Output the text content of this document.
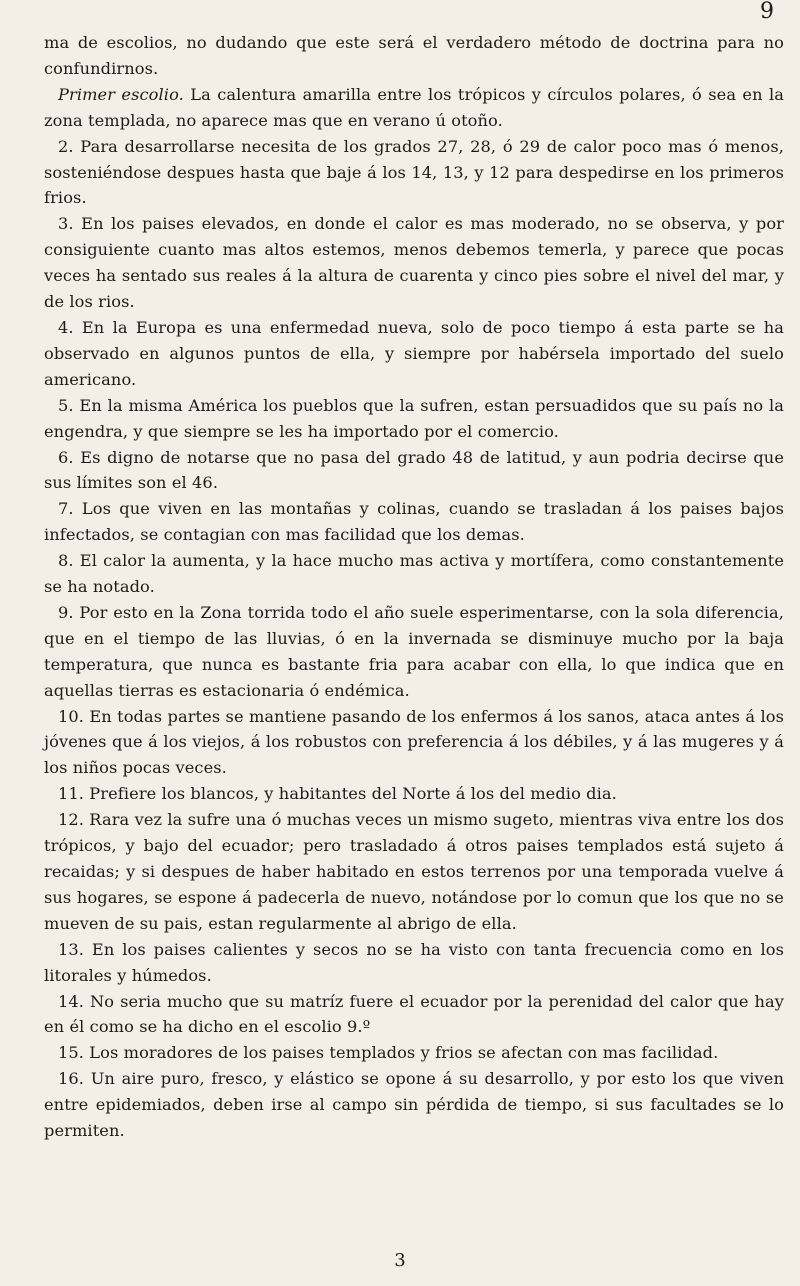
9

ma de escolios, no dudando que este será el verdadero método de doctrina para no confundirnos.

Primer escolio. La calentura amarilla entre los trópicos y círculos polares, ó sea en la zona templada, no aparece mas que en verano ú otoño.

2. Para desarrollarse necesita de los grados 27, 28, ó 29 de calor poco mas ó menos, sosteniéndose despues hasta que baje á los 14, 13, y 12 para despedirse en los primeros frios.

3. En los paises elevados, en donde el calor es mas moderado, no se observa, y por consiguiente cuanto mas altos estemos, menos debemos temerla, y parece que pocas veces ha sentado sus reales á la altura de cuarenta y cinco pies sobre el nivel del mar, y de los rios.

4. En la Europa es una enfermedad nueva, solo de poco tiempo á esta parte se ha observado en algunos puntos de ella, y siempre por habérsela importado del suelo americano.

5. En la misma América los pueblos que la sufren, estan persuadidos que su país no la engendra, y que siempre se les ha importado por el comercio.

6. Es digno de notarse que no pasa del grado 48 de latitud, y aun podria decirse que sus límites son el 46.

7. Los que viven en las montañas y colinas, cuando se trasladan á los paises bajos infectados, se contagian con mas facilidad que los demas.

8. El calor la aumenta, y la hace mucho mas activa y mortífera, como constantemente se ha notado.

9. Por esto en la Zona torrida todo el año suele esperimentarse, con la sola diferencia, que en el tiempo de las lluvias, ó en la invernada se disminuye mucho por la baja temperatura, que nunca es bastante fria para acabar con ella, lo que indica que en aquellas tierras es estacionaria ó endémica.

10. En todas partes se mantiene pasando de los enfermos á los sanos, ataca antes á los jóvenes que á los viejos, á los robustos con preferencia á los débiles, y á las mugeres y á los niños pocas veces.

11. Prefiere los blancos, y habitantes del Norte á los del medio dia.

12. Rara vez la sufre una ó muchas veces un mismo sugeto, mientras viva entre los dos trópicos, y bajo del ecuador; pero trasladado á otros paises templados está sujeto á recaidas; y si despues de haber habitado en estos terrenos por una temporada vuelve á sus hogares, se espone á padecerla de nuevo, notándose por lo comun que los que no se mueven de su pais, estan regularmente al abrigo de ella.

13. En los paises calientes y secos no se ha visto con tanta frecuencia como en los litorales y húmedos.

14. No seria mucho que su matríz fuere el ecuador por la perenidad del calor que hay en él como se ha dicho en el escolio 9.º

15. Los moradores de los paises templados y frios se afectan con mas facilidad.

16. Un aire puro, fresco, y elástico se opone á su desarrollo, y por esto los que viven entre epidemiados, deben irse al campo sin pérdida de tiempo, si sus facultades se lo permiten.

3
